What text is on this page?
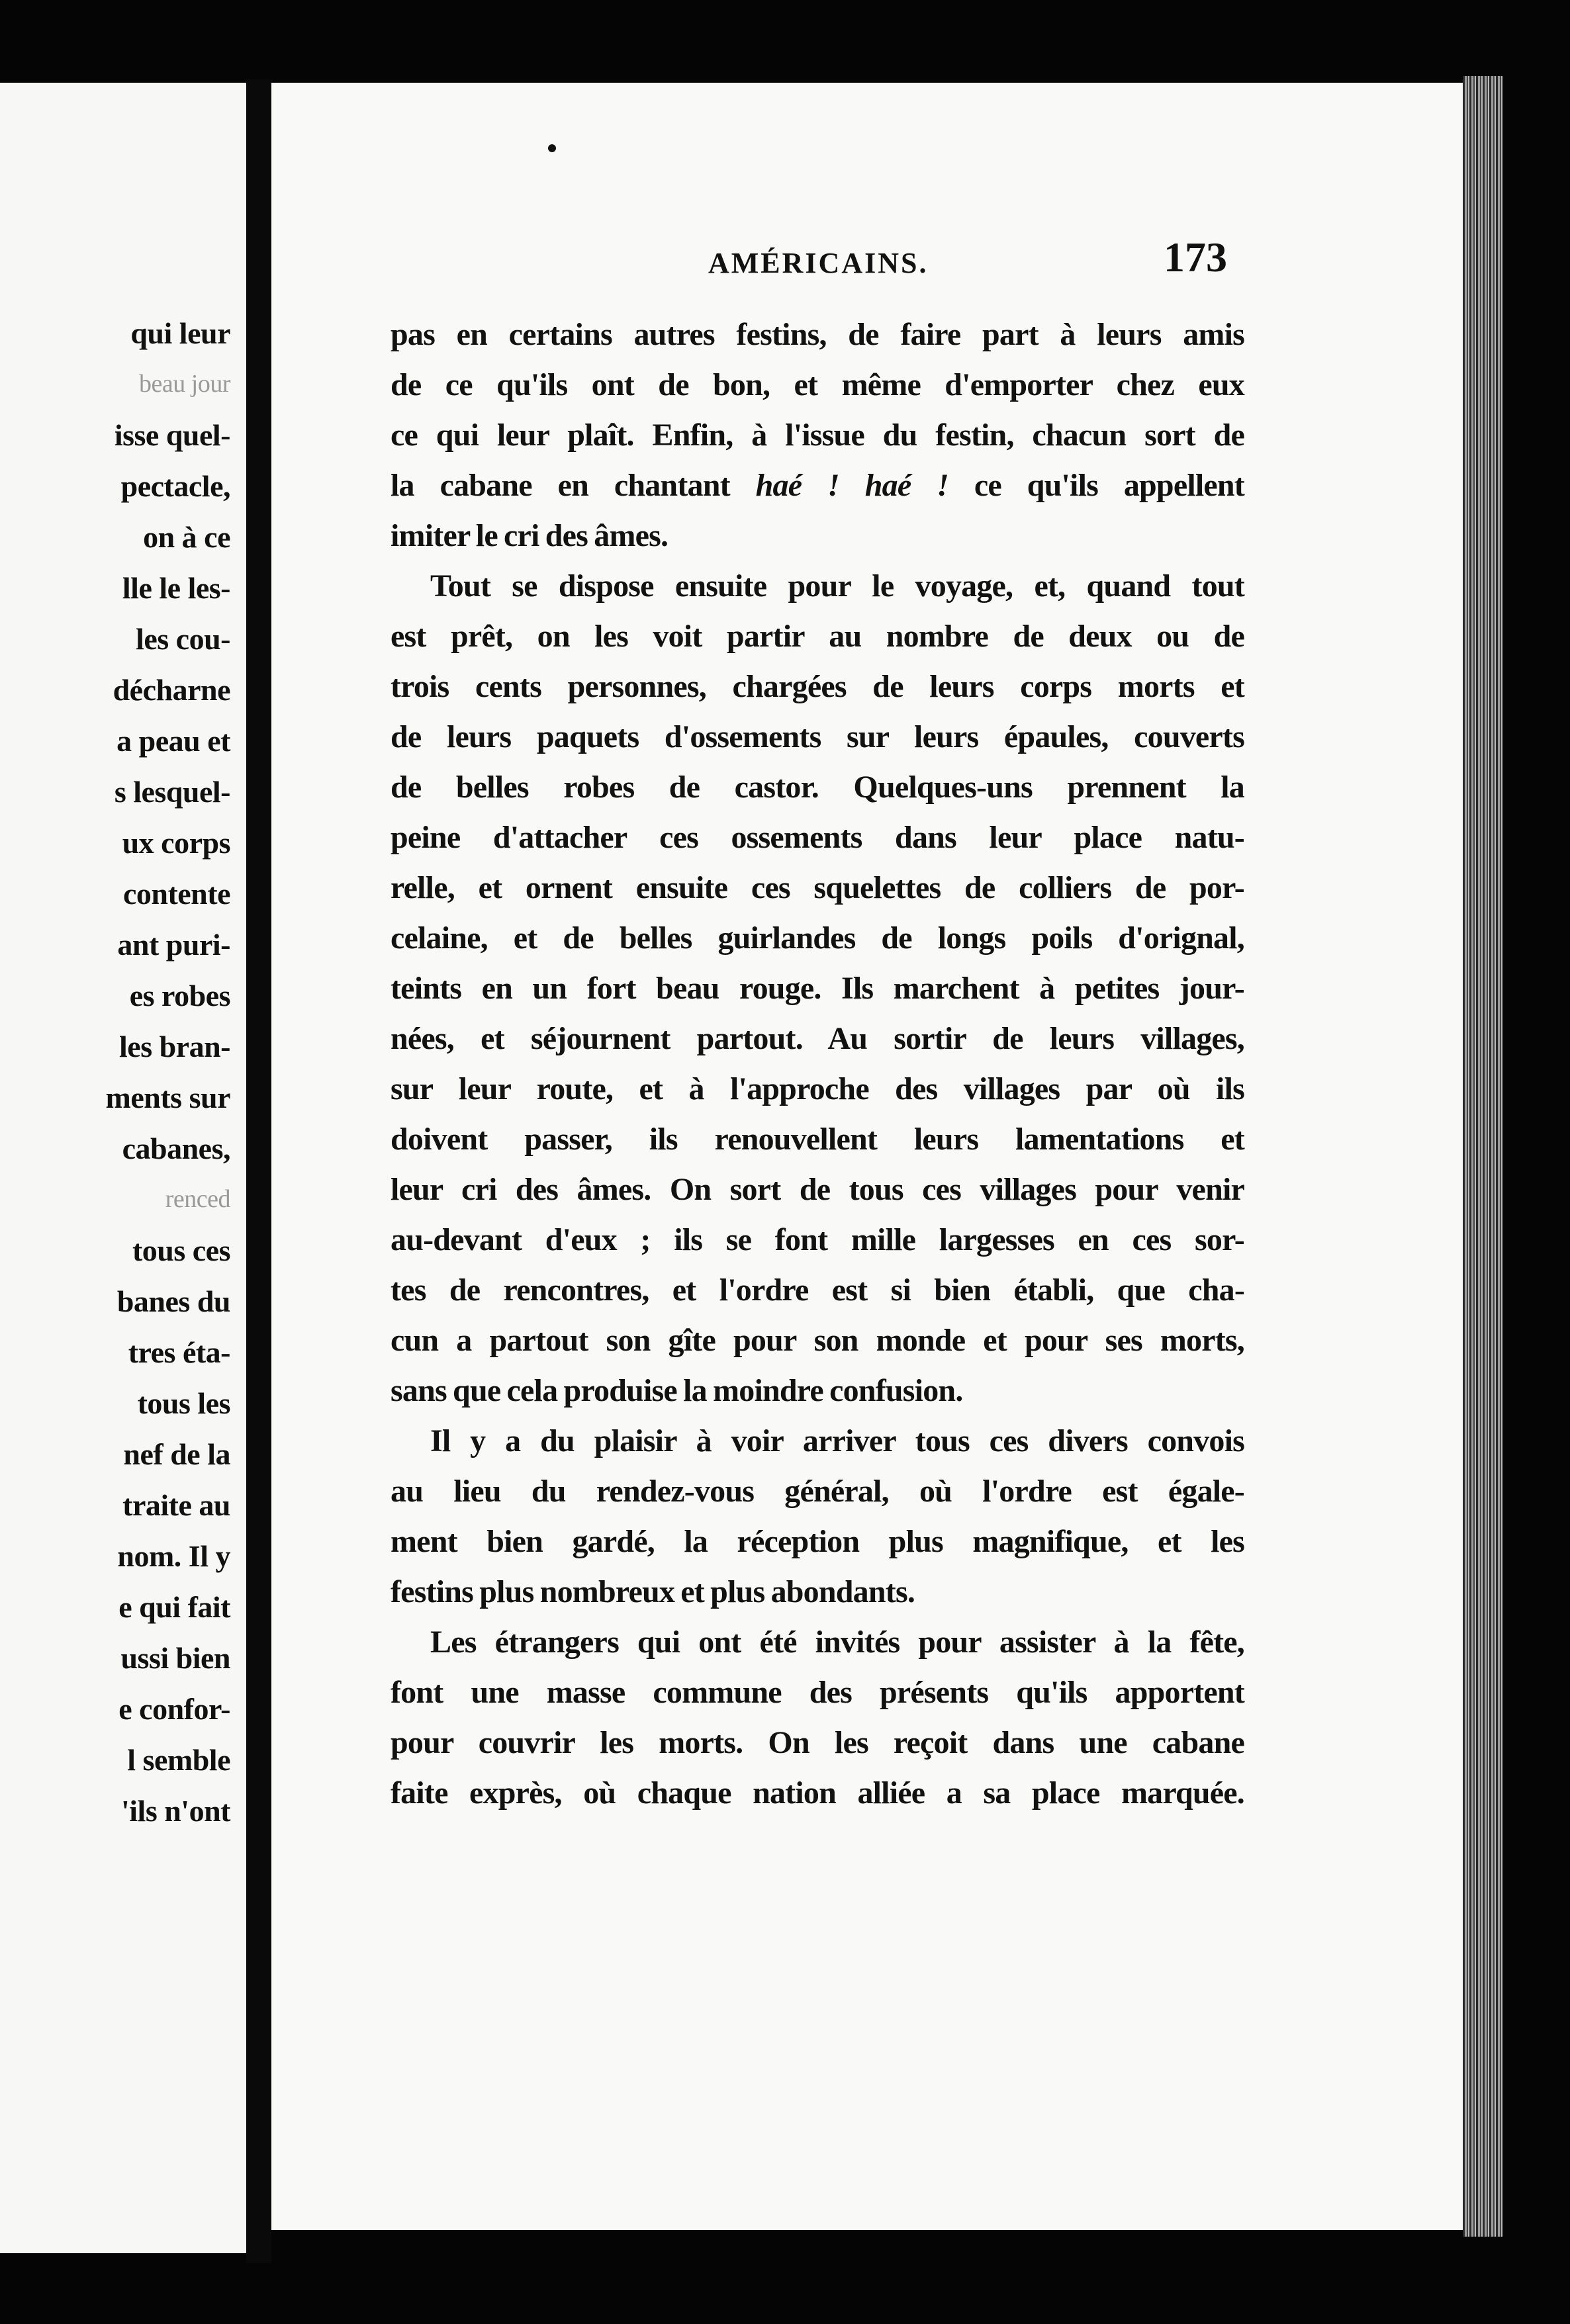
qui leur
beau jour
isse quel-
pectacle,
on à ce
lle le les-
les cou-
décharne
a peau et
s lesquel-
ux corps
contente
ant puri-
es robes
les bran-
ments sur
cabanes,
renced
tous ces
banes du
tres éta-
tous les
nef de la
traite au
nom. Il y
e qui fait
ussi bien
e confor-
l semble
'ils n'ont
AMÉRICAINS.	173
pas en certains autres festins, de faire part à leurs amis
de ce qu'ils ont de bon, et même d'emporter chez eux
ce qui leur plaît. Enfin, à l'issue du festin, chacun sort de
la cabane en chantant haé ! haé ! ce qu'ils appellent
imiter le cri des âmes.
Tout se dispose ensuite pour le voyage, et, quand tout
est prêt, on les voit partir au nombre de deux ou de
trois cents personnes, chargées de leurs corps morts et
de leurs paquets d'ossements sur leurs épaules, couverts
de belles robes de castor. Quelques-uns prennent la
peine d'attacher ces ossements dans leur place natu-
relle, et ornent ensuite ces squelettes de colliers de por-
celaine, et de belles guirlandes de longs poils d'orignal,
teints en un fort beau rouge. Ils marchent à petites jour-
nées, et séjournent partout. Au sortir de leurs villages,
sur leur route, et à l'approche des villages par où ils
doivent passer, ils renouvellent leurs lamentations et
leur cri des âmes. On sort de tous ces villages pour venir
au-devant d'eux ; ils se font mille largesses en ces sor-
tes de rencontres, et l'ordre est si bien établi, que cha-
cun a partout son gîte pour son monde et pour ses morts,
sans que cela produise la moindre confusion.
Il y a du plaisir à voir arriver tous ces divers convois
au lieu du rendez-vous général, où l'ordre est égale-
ment bien gardé, la réception plus magnifique, et les
festins plus nombreux et plus abondants.
Les étrangers qui ont été invités pour assister à la fête,
font une masse commune des présents qu'ils apportent
pour couvrir les morts. On les reçoit dans une cabane
faite exprès, où chaque nation alliée a sa place marquée.
